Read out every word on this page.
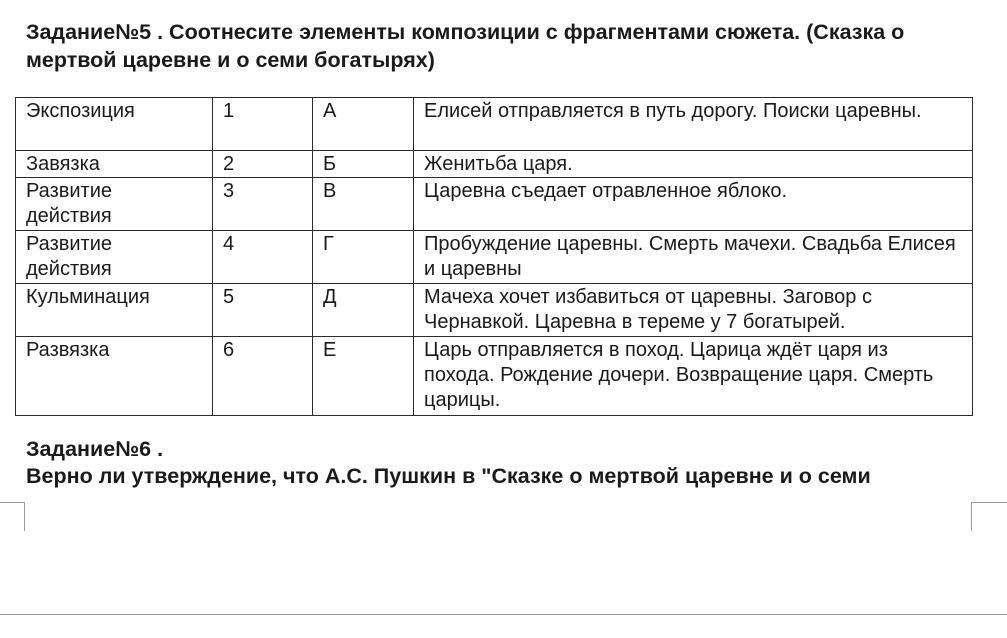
Задание№5 . Соотнесите элементы композиции с фрагментами сюжета. (Сказка о мертвой царевне и о семи богатырях)

Экспозиция	1	А	Елисей отправляется в путь дорогу. Поиски царевны.
Завязка	2	Б	Женитьба царя.
Развитие действия	3	В	Царевна съедает отравленное яблоко.
Развитие действия	4	Г	Пробуждение царевны. Смерть мачехи. Свадьба Елисея и царевны
Кульминация	5	Д	Мачеха хочет избавиться от царевны. Заговор с Чернавкой. Царевна в тереме у 7 богатырей.
Развязка	6	Е	Царь отправляется в поход. Царица ждёт царя из похода. Рождение дочери. Возвращение царя. Смерть царицы.

Задание№6 .

Верно ли утверждение, что А.С. Пушкин в "Сказке о мертвой царевне и о семи
